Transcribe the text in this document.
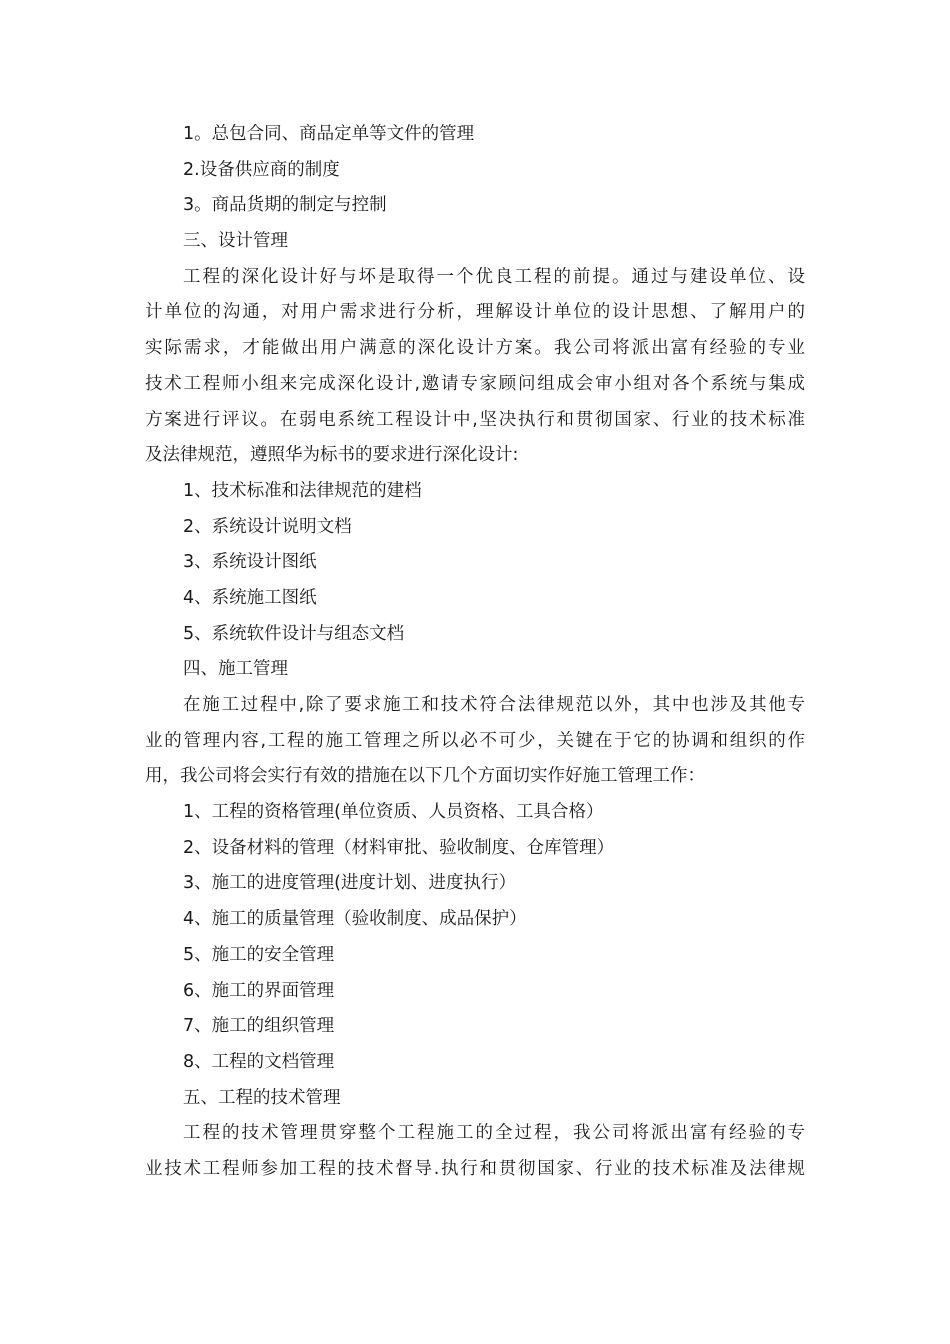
1。总包合同、商品定单等文件的管理
2.设备供应商的制度
3。商品货期的制定与控制
三、设计管理
工程的深化设计好与坏是取得一个优良工程的前提。通过与建设单位、设
计单位的沟通，对用户需求进行分析，理解设计单位的设计思想、了解用户的
实际需求，才能做出用户满意的深化设计方案。我公司将派出富有经验的专业
技术工程师小组来完成深化设计,邀请专家顾问组成会审小组对各个系统与集成
方案进行评议。在弱电系统工程设计中,坚决执行和贯彻国家、行业的技术标准
及法律规范，遵照华为标书的要求进行深化设计:
1、技术标准和法律规范的建档
2、系统设计说明文档
3、系统设计图纸
4、系统施工图纸
5、系统软件设计与组态文档
四、施工管理
在施工过程中,除了要求施工和技术符合法律规范以外，其中也涉及其他专
业的管理内容,工程的施工管理之所以必不可少，关键在于它的协调和组织的作
用，我公司将会实行有效的措施在以下几个方面切实作好施工管理工作：
1、工程的资格管理(单位资质、人员资格、工具合格）
2、设备材料的管理（材料审批、验收制度、仓库管理）
3、施工的进度管理(进度计划、进度执行）
4、施工的质量管理（验收制度、成品保护）
5、施工的安全管理
6、施工的界面管理
7、施工的组织管理
8、工程的文档管理
五、工程的技术管理
工程的技术管理贯穿整个工程施工的全过程，我公司将派出富有经验的专
业技术工程师参加工程的技术督导.执行和贯彻国家、行业的技术标准及法律规
